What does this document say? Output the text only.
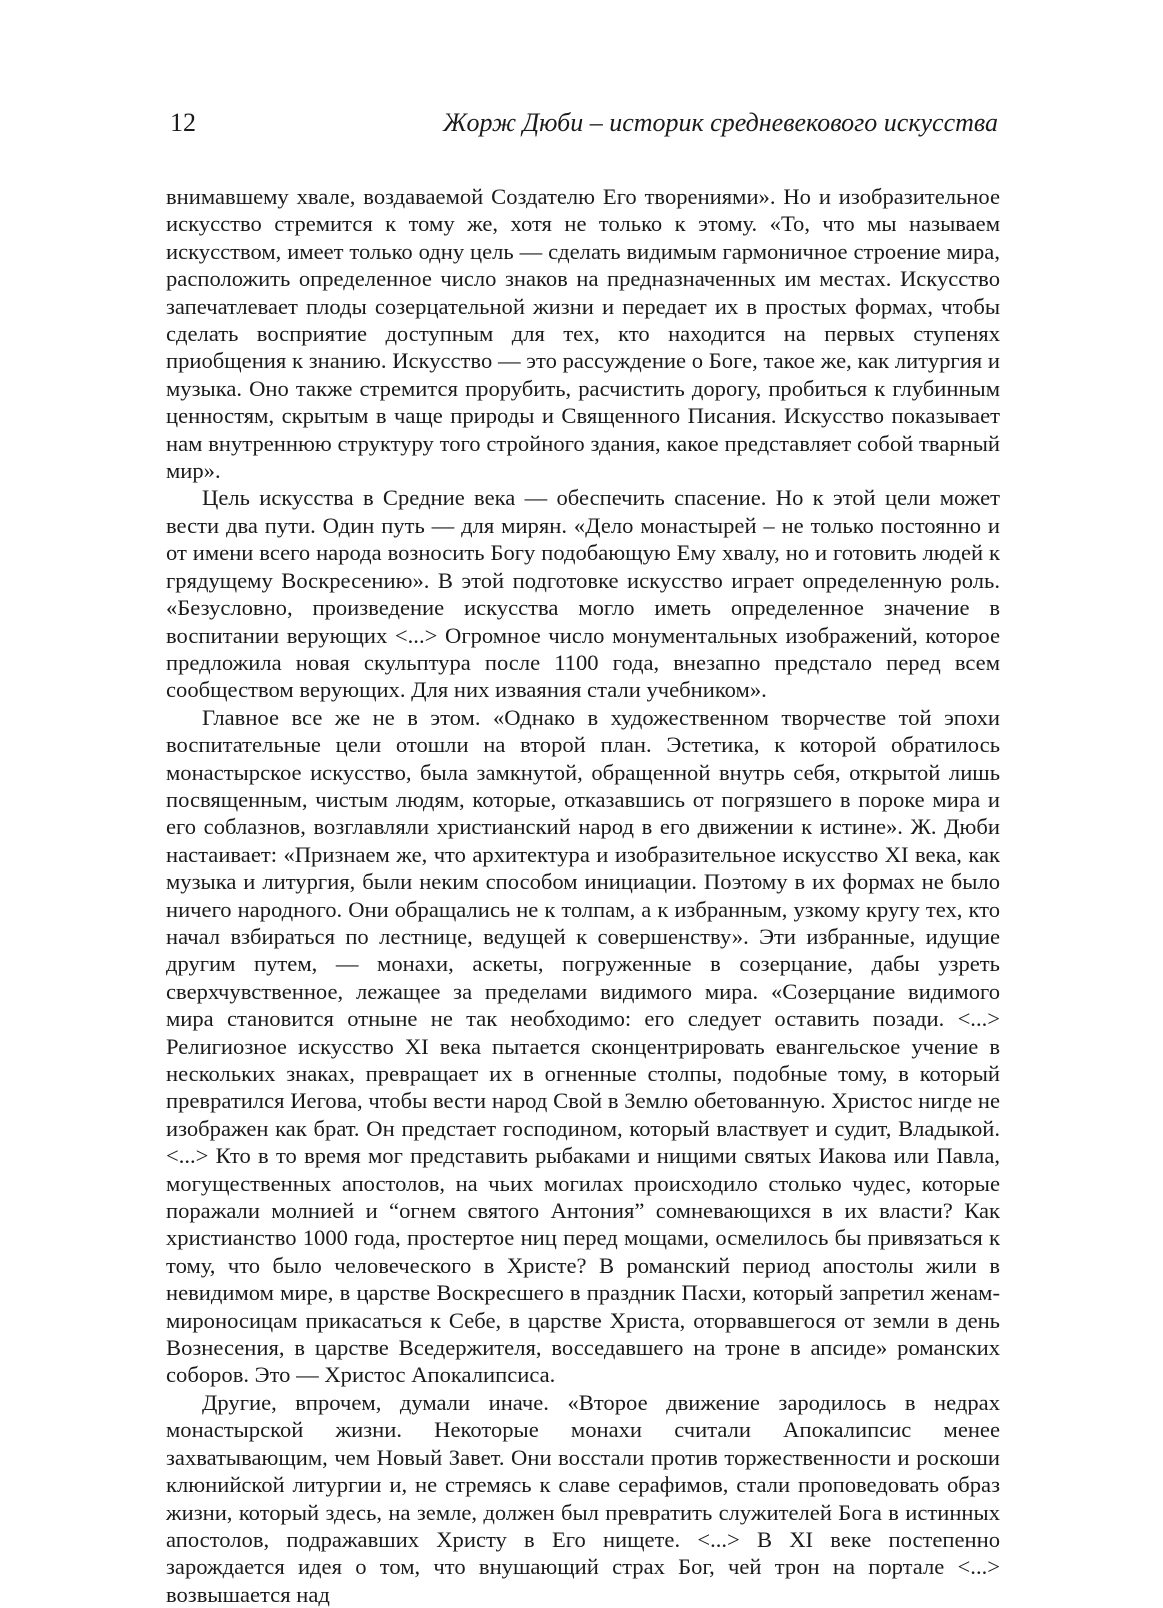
12	Жорж Дюби – историк средневекового искусства

внимавшему хвале, воздаваемой Создателю Его творениями». Но и изобразительное искусство стремится к тому же, хотя не только к этому. «То, что мы называем искусством, имеет только одну цель — сделать видимым гармоничное строение мира, расположить определенное число знаков на предназначенных им местах. Искусство запечатлевает плоды созерцательной жизни и передает их в простых формах, чтобы сделать восприятие доступным для тех, кто находится на первых ступенях приобщения к знанию. Искусство — это рассуждение о Боге, такое же, как литургия и музыка. Оно также стремится прорубить, расчистить дорогу, пробиться к глубинным ценностям, скрытым в чаще природы и Священного Писания. Искусство показывает нам внутреннюю структуру того стройного здания, какое представляет собой тварный мир».

Цель искусства в Средние века — обеспечить спасение. Но к этой цели может вести два пути. Один путь — для мирян. «Дело монастырей – не только постоянно и от имени всего народа возносить Богу подобающую Ему хвалу, но и готовить людей к грядущему Воскресению». В этой подготовке искусство играет определенную роль. «Безусловно, произведение искусства могло иметь определенное значение в воспитании верующих <...> Огромное число монументальных изображений, которое предложила новая скульптура после 1100 года, внезапно предстало перед всем сообществом верующих. Для них изваяния стали учебником».

Главное все же не в этом. «Однако в художественном творчестве той эпохи воспитательные цели отошли на второй план. Эстетика, к которой обратилось монастырское искусство, была замкнутой, обращенной внутрь себя, открытой лишь посвященным, чистым людям, которые, отказавшись от погрязшего в пороке мира и его соблазнов, возглавляли христианский народ в его движении к истине». Ж. Дюби настаивает: «Признаем же, что архитектура и изобразительное искусство XI века, как музыка и литургия, были неким способом инициации. Поэтому в их формах не было ничего народного. Они обращались не к толпам, а к избранным, узкому кругу тех, кто начал взбираться по лестнице, ведущей к совершенству». Эти избранные, идущие другим путем, — монахи, аскеты, погруженные в созерцание, дабы узреть сверхчувственное, лежащее за пределами видимого мира. «Созерцание видимого мира становится отныне не так необходимо: его следует оставить позади. <...> Религиозное искусство XI века пытается сконцентрировать евангельское учение в нескольких знаках, превращает их в огненные столпы, подобные тому, в который превратился Иегова, чтобы вести народ Свой в Землю обетованную. Христос нигде не изображен как брат. Он предстает господином, который властвует и судит, Владыкой. <...> Кто в то время мог представить рыбаками и нищими святых Иакова или Павла, могущественных апостолов, на чьих могилах происходило столько чудес, которые поражали молнией и “огнем святого Антония” сомневающихся в их власти? Как христианство 1000 года, простертое ниц перед мощами, осмелилось бы привязаться к тому, что было человеческого в Христе? В романский период апостолы жили в невидимом мире, в царстве Воскресшего в праздник Пасхи, который запретил женам-мироносицам прикасаться к Себе, в царстве Христа, оторвавшегося от земли в день Вознесения, в царстве Вседержителя, восседавшего на троне в апсиде» романских соборов. Это — Христос Апокалипсиса.

Другие, впрочем, думали иначе. «Второе движение зародилось в недрах монастырской жизни. Некоторые монахи считали Апокалипсис менее захватывающим, чем Новый Завет. Они восстали против торжественности и роскоши клюнийской литургии и, не стремясь к славе серафимов, стали проповедовать образ жизни, который здесь, на земле, должен был превратить служителей Бога в истинных апостолов, подражавших Христу в Его нищете. <...> В XI веке постепенно зарождается идея о том, что внушающий страх Бог, чей трон на портале <...> возвышается над
